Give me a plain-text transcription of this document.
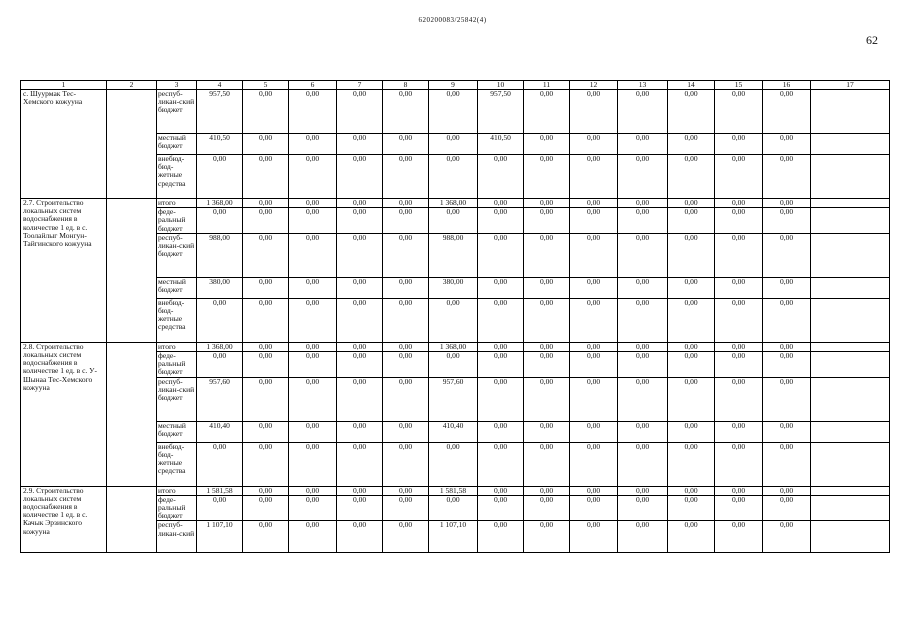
620200083/25842(4)
62
1	2	3	4	5	6	7	8	9	10	11	12	13	14	15	16	17
с. Шуурмак Тес-Хемского кожууна		респуб-ликан-ский бюджет	957,50	0,00	0,00	0,00	0,00	0,00	957,50	0,00	0,00	0,00	0,00	0,00	0,00	
		местный бюджет	410,50	0,00	0,00	0,00	0,00	0,00	410,50	0,00	0,00	0,00	0,00	0,00	0,00	
		внебюд-бюд-жетные средства	0,00	0,00	0,00	0,00	0,00	0,00	0,00	0,00	0,00	0,00	0,00	0,00	0,00	
2.7. Строительство локальных систем водоснабжения в количестве 1 ед. в с. Тоолайлыг Монгун-Тайгинского кожууна		итого	1 368,00	0,00	0,00	0,00	0,00	1 368,00	0,00	0,00	0,00	0,00	0,00	0,00	0,00	
		феде-ральный бюджет	0,00	0,00	0,00	0,00	0,00	0,00	0,00	0,00	0,00	0,00	0,00	0,00	0,00	
		респуб-ликан-ский бюджет	988,00	0,00	0,00	0,00	0,00	988,00	0,00	0,00	0,00	0,00	0,00	0,00	0,00	
		местный бюджет	380,00	0,00	0,00	0,00	0,00	380,00	0,00	0,00	0,00	0,00	0,00	0,00	0,00	
		внебюд-бюд-жетные средства	0,00	0,00	0,00	0,00	0,00	0,00	0,00	0,00	0,00	0,00	0,00	0,00	0,00	
2.8. Строительство локальных систем водоснабжения в количестве 1 ед. в с. У-Шынаа Тес-Хемского кожууна		итого	1 368,00	0,00	0,00	0,00	0,00	1 368,00	0,00	0,00	0,00	0,00	0,00	0,00	0,00	
		феде-ральный бюджет	0,00	0,00	0,00	0,00	0,00	0,00	0,00	0,00	0,00	0,00	0,00	0,00	0,00	
		респуб-ликан-ский бюджет	957,60	0,00	0,00	0,00	0,00	957,60	0,00	0,00	0,00	0,00	0,00	0,00	0,00	
		местный бюджет	410,40	0,00	0,00	0,00	0,00	410,40	0,00	0,00	0,00	0,00	0,00	0,00	0,00	
		внебюд-бюд-жетные средства	0,00	0,00	0,00	0,00	0,00	0,00	0,00	0,00	0,00	0,00	0,00	0,00	0,00	
2.9. Строительство локальных систем водоснабжения в количестве 1 ед. в с. Качык Эрзинского кожууна		итого	1 581,58	0,00	0,00	0,00	0,00	1 581,58	0,00	0,00	0,00	0,00	0,00	0,00	0,00	
		феде-ральный бюджет	0,00	0,00	0,00	0,00	0,00	0,00	0,00	0,00	0,00	0,00	0,00	0,00	0,00	
		респуб-ликан-ский	1 107,10	0,00	0,00	0,00	0,00	1 107,10	0,00	0,00	0,00	0,00	0,00	0,00	0,00	
